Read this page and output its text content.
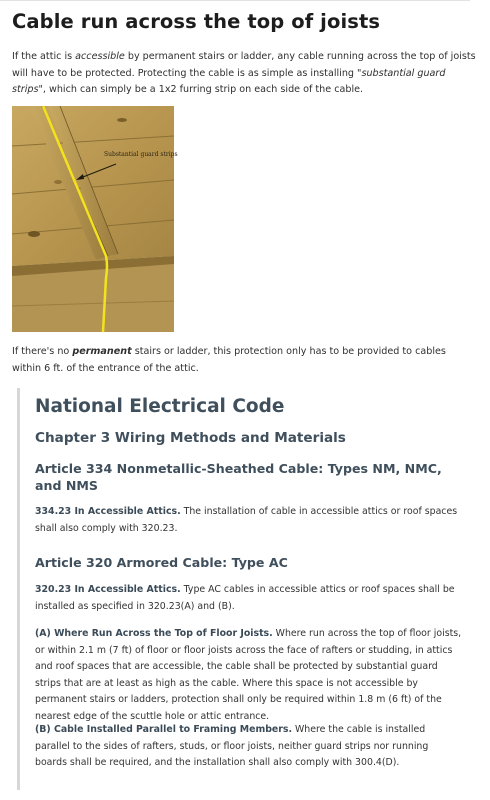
Cable run across the top of joists

If the attic is accessible by permanent stairs or ladder, any cable running across the top of joists will have to be protected. Protecting the cable is as simple as installing "substantial guard strips", which can simply be a 1x2 furring strip on each side of the cable.

Substantial guard strips

If there's no permanent stairs or ladder, this protection only has to be provided to cables within 6 ft. of the entrance of the attic.

National Electrical Code
Chapter 3 Wiring Methods and Materials
Article 334 Nonmetallic-Sheathed Cable: Types NM, NMC, and NMS

334.23 In Accessible Attics. The installation of cable in accessible attics or roof spaces shall also comply with 320.23.

Article 320 Armored Cable: Type AC

320.23 In Accessible Attics. Type AC cables in accessible attics or roof spaces shall be installed as specified in 320.23(A) and (B).

(A) Where Run Across the Top of Floor Joists. Where run across the top of floor joists, or within 2.1 m (7 ft) of floor or floor joists across the face of rafters or studding, in attics and roof spaces that are accessible, the cable shall be protected by substantial guard strips that are at least as high as the cable. Where this space is not accessible by permanent stairs or ladders, protection shall only be required within 1.8 m (6 ft) of the nearest edge of the scuttle hole or attic entrance.

(B) Cable Installed Parallel to Framing Members. Where the cable is installed parallel to the sides of rafters, studs, or floor joists, neither guard strips nor running boards shall be required, and the installation shall also comply with 300.4(D).
